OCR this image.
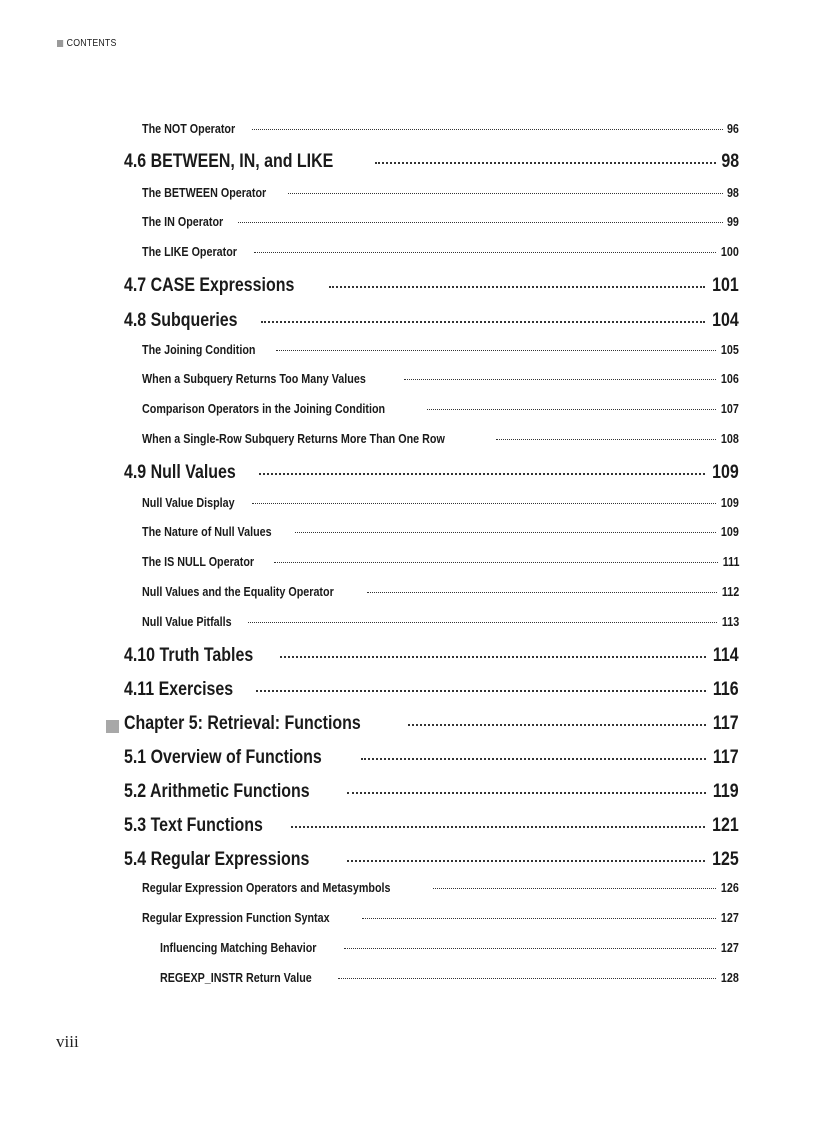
CONTENTS
The NOT Operator	96
4.6 BETWEEN, IN, and LIKE	98
The BETWEEN Operator	98
The IN Operator	99
The LIKE Operator	100
4.7 CASE Expressions	101
4.8 Subqueries	104
The Joining Condition	105
When a Subquery Returns Too Many Values	106
Comparison Operators in the Joining Condition	107
When a Single-Row Subquery Returns More Than One Row	108
4.9 Null Values	109
Null Value Display	109
The Nature of Null Values	109
The IS NULL Operator	111
Null Values and the Equality Operator	112
Null Value Pitfalls	113
4.10 Truth Tables	114
4.11 Exercises	116
Chapter 5: Retrieval: Functions	117
5.1 Overview of Functions	117
5.2 Arithmetic Functions	119
5.3 Text Functions	121
5.4 Regular Expressions	125
Regular Expression Operators and Metasymbols	126
Regular Expression Function Syntax	127
Influencing Matching Behavior	127
REGEXP_INSTR Return Value	128
viii
